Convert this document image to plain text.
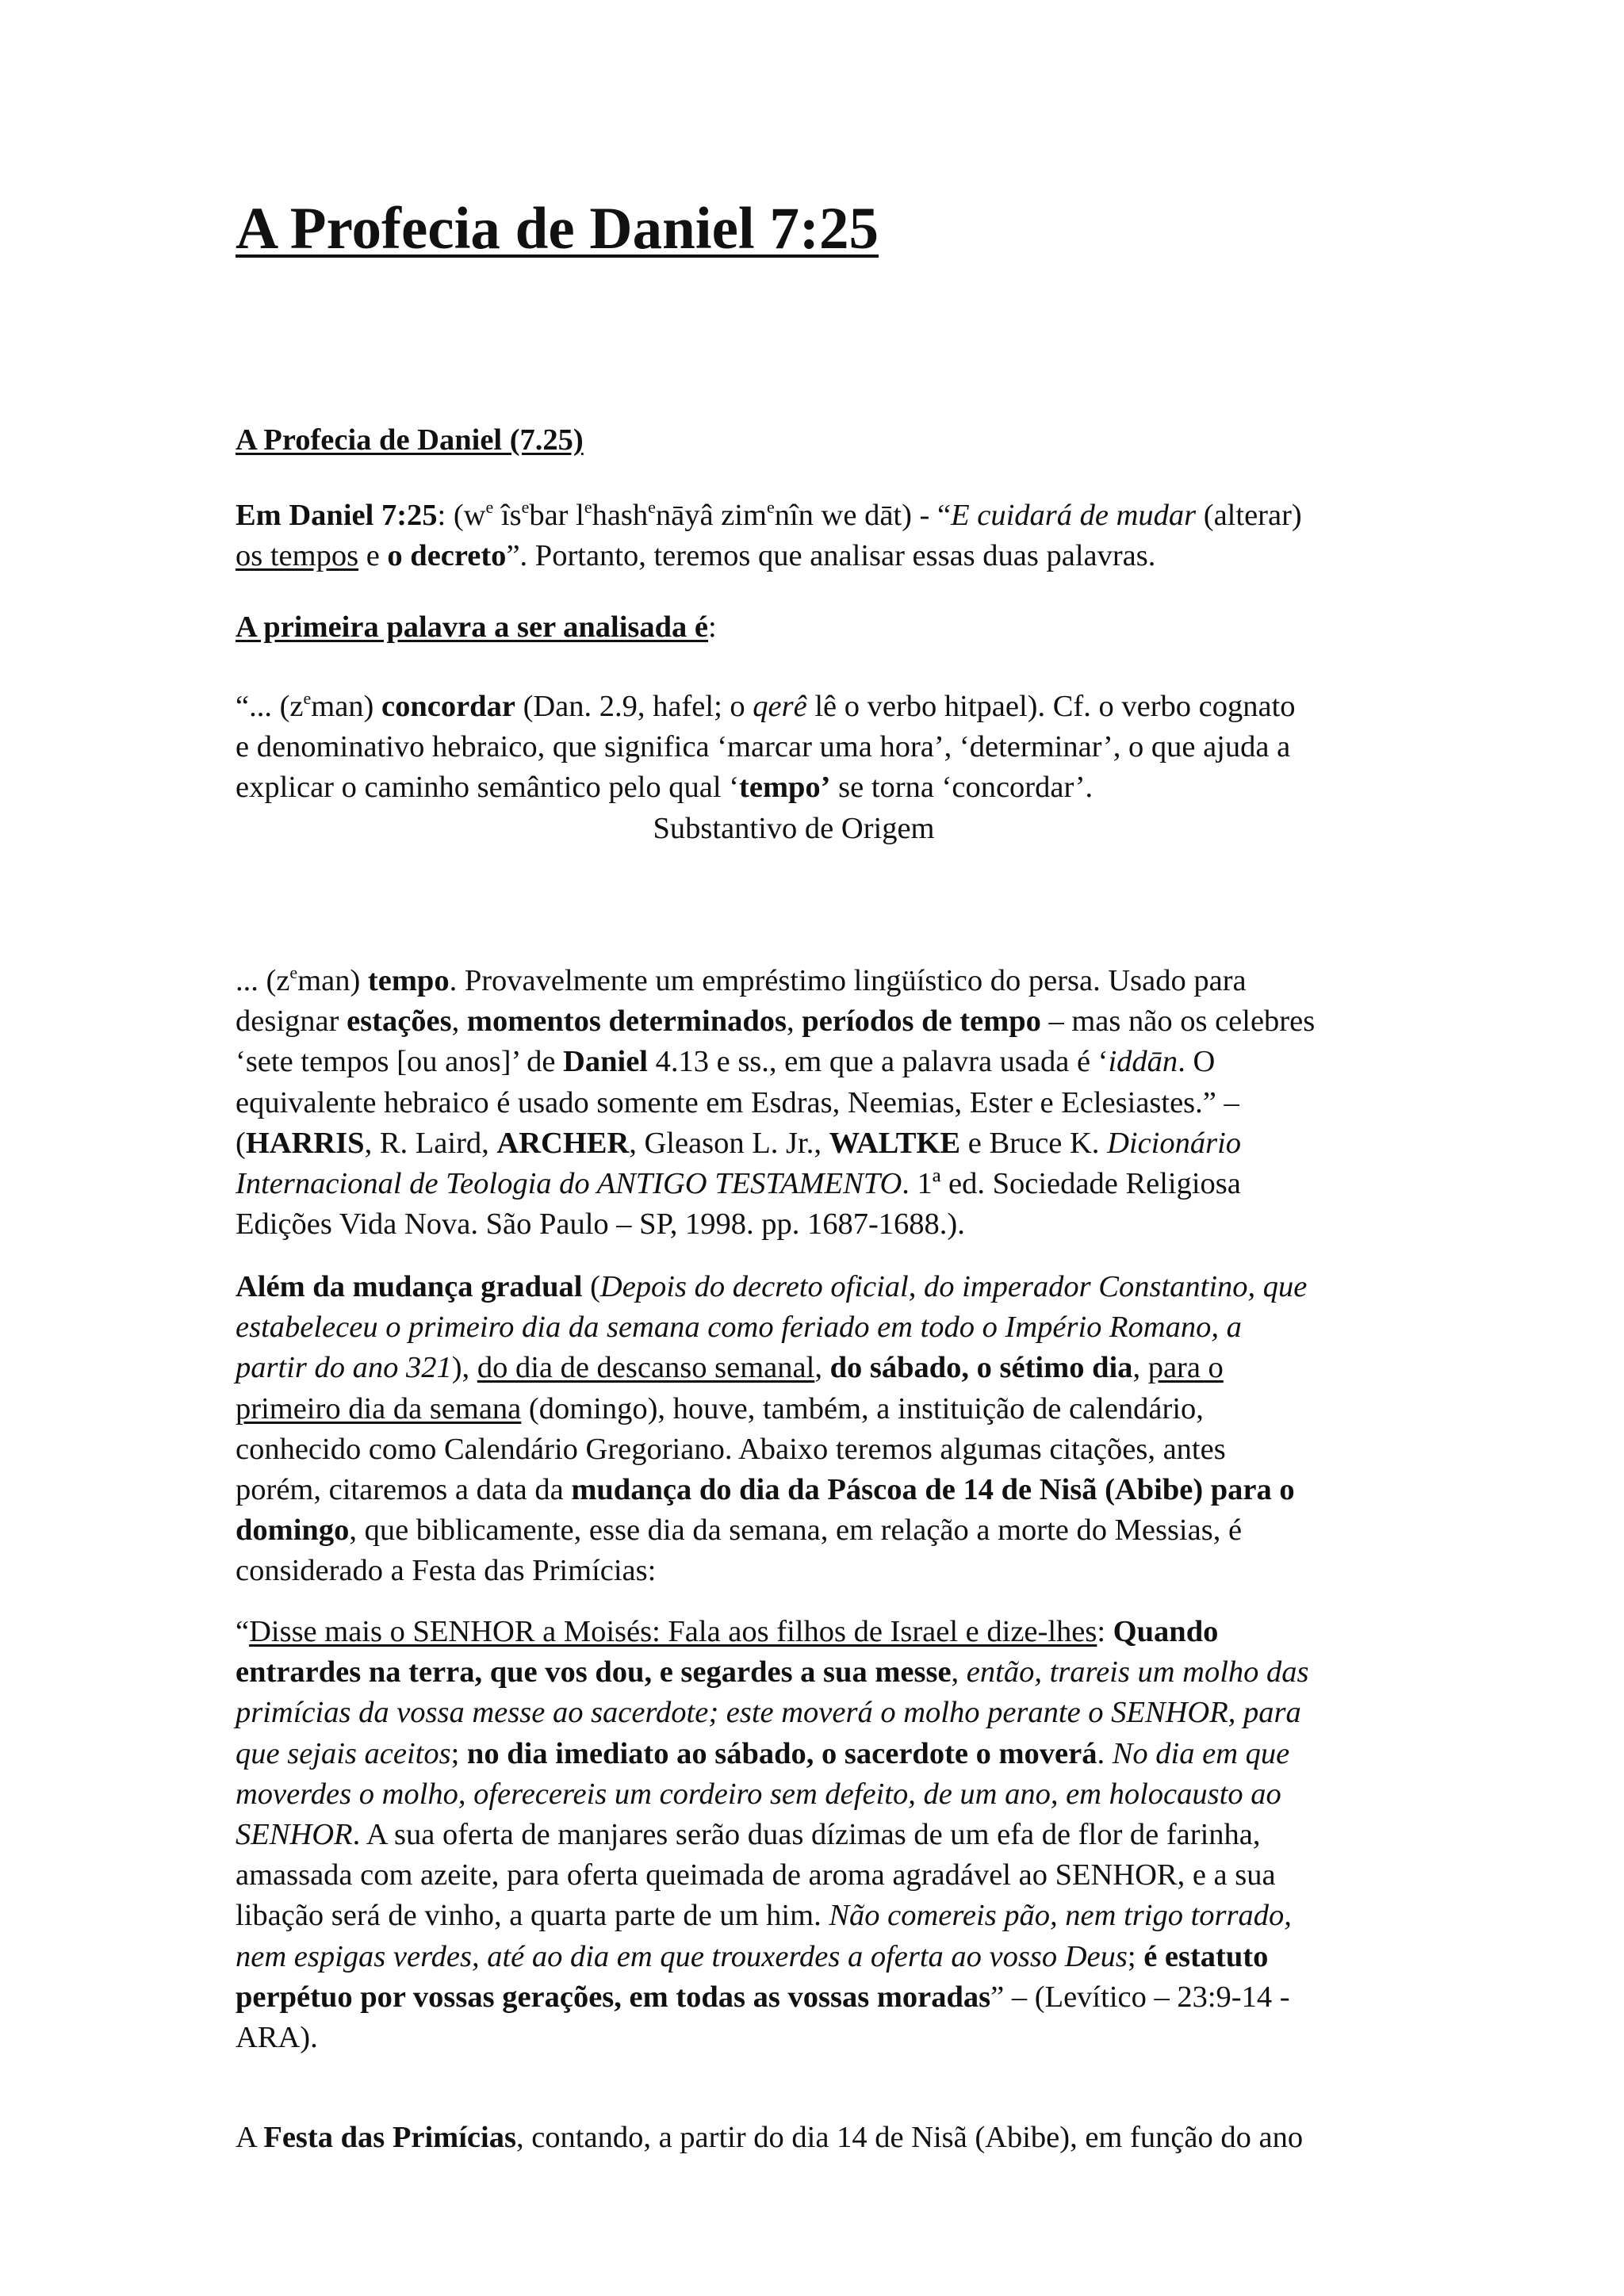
A Profecia de Daniel 7:25
A Profecia de Daniel (7.25)

Em Daniel 7:25: ($w^e$ $îs^ebar$ $l^ehash^enāyâ$ zim$^e$nîn we dāt) - “E cuidará de mudar (alterar)

os tempos e o decreto”. Portanto, teremos que analisar essas duas palavras.

A primeira palavra a ser analisada é:

“... $(z^eman)$ concordar (Dan. 2.9, hafel; o qerê lê o verbo hitpael). Cf. o verbo cognato

e denominativo hebraico, que significa ‘marcar uma hora’, ‘determinar’, o que ajuda a

explicar o caminho semântico pelo qual ‘tempo’ se torna ‘concordar’.

Substantivo de Origem

... $(z^eman)$ tempo. Provavelmente um empréstimo lingüístico do persa. Usado para

designar estações, momentos determinados, períodos de tempo – mas não os celebres

‘sete tempos [ou anos]’ de Daniel 4.13 e ss., em que a palavra usada é ‘iddān. O

equivalente hebraico é usado somente em Esdras, Neemias, Ester e Eclesiastes.” –

(HARRIS, R. Laird, ARCHER, Gleason L. Jr., WALTKE e Bruce K. Dicionário

Internacional de Teologia do ANTIGO TESTAMENTO. 1ª ed. Sociedade Religiosa

Edições Vida Nova. São Paulo – SP, 1998. pp. 1687-1688.).

Além da mudança gradual (Depois do decreto oficial, do imperador Constantino, que

estabeleceu o primeiro dia da semana como feriado em todo o Império Romano, a

partir do ano 321), do dia de descanso semanal, do sábado, o sétimo dia, para o

primeiro dia da semana (domingo), houve, também, a instituição de calendário,

conhecido como Calendário Gregoriano. Abaixo teremos algumas citações, antes

porém, citaremos a data da mudança do dia da Páscoa de 14 de Nisã (Abibe) para o

domingo, que biblicamente, esse dia da semana, em relação a morte do Messias, é

considerado a Festa das Primícias:

“Disse mais o SENHOR a Moisés: Fala aos filhos de Israel e dize-lhes: Quando

entrardes na terra, que vos dou, e segardes a sua messe, então, trareis um molho das

primícias da vossa messe ao sacerdote; este moverá o molho perante o SENHOR, para

que sejais aceitos; no dia imediato ao sábado, o sacerdote o moverá. No dia em que

moverdes o molho, oferecereis um cordeiro sem defeito, de um ano, em holocausto ao

SENHOR. A sua oferta de manjares serão duas dízimas de um efa de flor de farinha,

amassada com azeite, para oferta queimada de aroma agradável ao SENHOR, e a sua

libação será de vinho, a quarta parte de um him. Não comereis pão, nem trigo torrado,

nem espigas verdes, até ao dia em que trouxerdes a oferta ao vosso Deus; é estatuto

perpétuo por vossas gerações, em todas as vossas moradas” – (Levítico – 23:9-14 -

ARA).

A Festa das Primícias, contando, a partir do dia 14 de Nisã (Abibe), em função do ano
